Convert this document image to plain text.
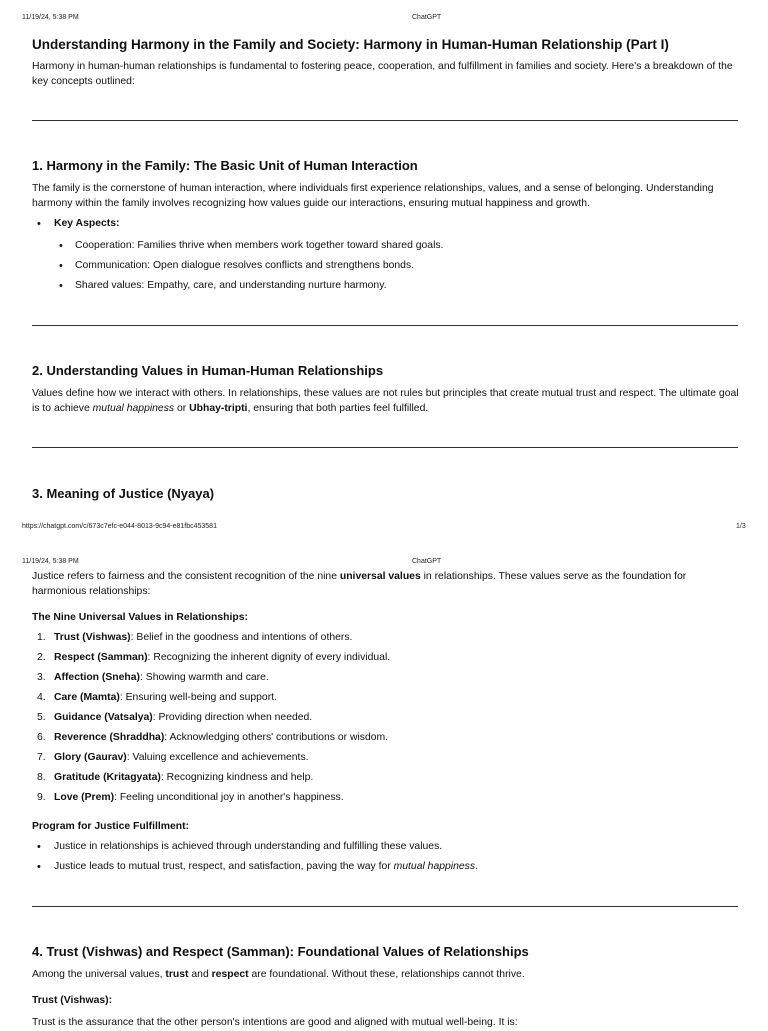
11/19/24, 5:38 PM	ChatGPT
Understanding Harmony in the Family and Society: Harmony in Human-Human Relationship (Part I)

Harmony in human-human relationships is fundamental to fostering peace, cooperation, and fulfillment in families and society. Here's a breakdown of the key concepts outlined:

1. Harmony in the Family: The Basic Unit of Human Interaction

The family is the cornerstone of human interaction, where individuals first experience relationships, values, and a sense of belonging. Understanding harmony within the family involves recognizing how values guide our interactions, ensuring mutual happiness and growth.

• Key Aspects:
• Cooperation: Families thrive when members work together toward shared goals.
• Communication: Open dialogue resolves conflicts and strengthens bonds.
• Shared values: Empathy, care, and understanding nurture harmony.
2. Understanding Values in Human-Human Relationships

Values define how we interact with others. In relationships, these values are not rules but principles that create mutual trust and respect. The ultimate goal is to achieve mutual happiness or Ubhay-tripti, ensuring that both parties feel fulfilled.

3. Meaning of Justice (Nyaya)
https://chatgpt.com/c/673c7efc-e044-8013-9c94-e81fbc453581	1/3
11/19/24, 5:38 PM	ChatGPT

Justice refers to fairness and the consistent recognition of the nine universal values in relationships. These values serve as the foundation for harmonious relationships:

The Nine Universal Values in Relationships:

1. Trust (Vishwas): Belief in the goodness and intentions of others.
2. Respect (Samman): Recognizing the inherent dignity of every individual.
3. Affection (Sneha): Showing warmth and care.
4. Care (Mamta): Ensuring well-being and support.
5. Guidance (Vatsalya): Providing direction when needed.
6. Reverence (Shraddha): Acknowledging others' contributions or wisdom.
7. Glory (Gaurav): Valuing excellence and achievements.
8. Gratitude (Kritagyata): Recognizing kindness and help.
9. Love (Prem): Feeling unconditional joy in another's happiness.

Program for Justice Fulfillment:

• Justice in relationships is achieved through understanding and fulfilling these values.
• Justice leads to mutual trust, respect, and satisfaction, paving the way for mutual happiness.
4. Trust (Vishwas) and Respect (Samman): Foundational Values of Relationships

Among the universal values, trust and respect are foundational. Without these, relationships cannot thrive.

Trust (Vishwas):

Trust is the assurance that the other person's intentions are good and aligned with mutual well-being. It is:
